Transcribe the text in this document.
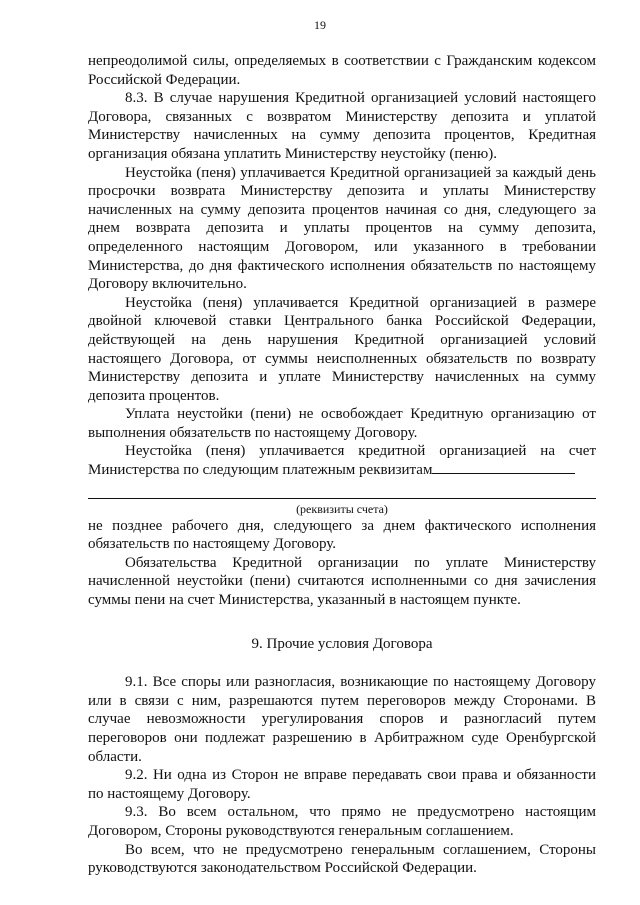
19

непреодолимой силы, определяемых в соответствии с Гражданским кодексом Российской Федерации.

8.3. В случае нарушения Кредитной организацией условий настоящего Договора, связанных с возвратом Министерству депозита и уплатой Министерству начисленных на сумму депозита процентов, Кредитная организация обязана уплатить Министерству неустойку (пеню).

Неустойка (пеня) уплачивается Кредитной организацией за каждый день просрочки возврата Министерству депозита и уплаты Министерству начисленных на сумму депозита процентов начиная со дня, следующего за днем возврата депозита и уплаты процентов на сумму депозита, определенного настоящим Договором, или указанного в требовании Министерства, до дня фактического исполнения обязательств по настоящему Договору включительно.

Неустойка (пеня) уплачивается Кредитной организацией в размере двойной ключевой ставки Центрального банка Российской Федерации, действующей на день нарушения Кредитной организацией условий настоящего Договора, от суммы неисполненных обязательств по возврату Министерству депозита и уплате Министерству начисленных на сумму депозита процентов.

Уплата неустойки (пени) не освобождает Кредитную организацию от выполнения обязательств по настоящему Договору.

Неустойка (пеня) уплачивается кредитной организацией на счет Министерства по следующим платежным реквизитам

(реквизиты счета)

не позднее рабочего дня, следующего за днем фактического исполнения обязательств по настоящему Договору.

Обязательства Кредитной организации по уплате Министерству начисленной неустойки (пени) считаются исполненными со дня зачисления суммы пени на счет Министерства, указанный в настоящем пункте.

9. Прочие условия Договора

9.1. Все споры или разногласия, возникающие по настоящему Договору или в связи с ним, разрешаются путем переговоров между Сторонами. В случае невозможности урегулирования споров и разногласий путем переговоров они подлежат разрешению в Арбитражном суде Оренбургской области.

9.2. Ни одна из Сторон не вправе передавать свои права и обязанности по настоящему Договору.

9.3. Во всем остальном, что прямо не предусмотрено настоящим Договором, Стороны руководствуются генеральным соглашением.

Во всем, что не предусмотрено генеральным соглашением, Стороны руководствуются законодательством Российской Федерации.
